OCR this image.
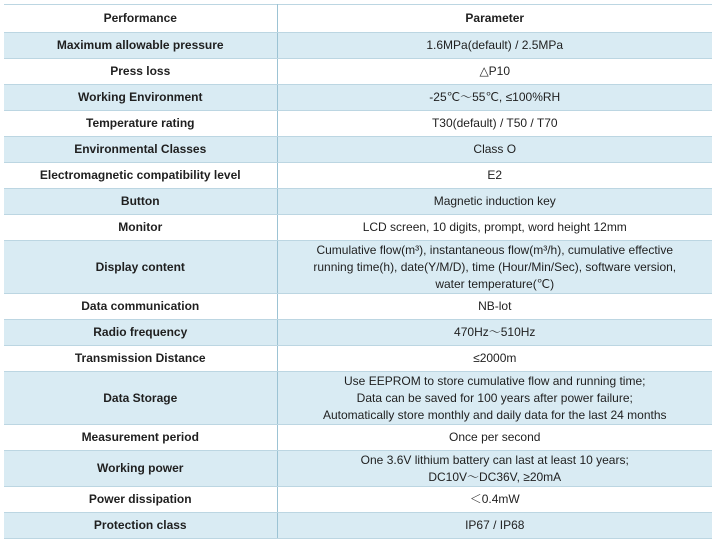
Performance	Parameter
Maximum allowable pressure	1.6MPa(default) / 2.5MPa
Press loss	△P10
Working Environment	-25℃～55℃, ≤100%RH
Temperature rating	T30(default) / T50 / T70
Environmental Classes	Class O
Electromagnetic compatibility level	E2
Button	Magnetic induction key
Monitor	LCD screen, 10 digits, prompt, word height 12mm
Display content	Cumulative flow(m³), instantaneous flow(m³/h), cumulative effective
running time(h), date(Y/M/D), time (Hour/Min/Sec), software version,
water temperature(℃)
Data communication	NB-lot
Radio frequency	470Hz～510Hz
Transmission Distance	≤2000m
Data Storage	Use EEPROM to store cumulative flow and running time;
Data can be saved for 100 years after power failure;
Automatically store monthly and daily data for the last 24 months
Measurement period	Once per second
Working power	One 3.6V lithium battery can last at least 10 years;
DC10V～DC36V, ≥20mA
Power dissipation	＜0.4mW
Protection class	IP67 / IP68
